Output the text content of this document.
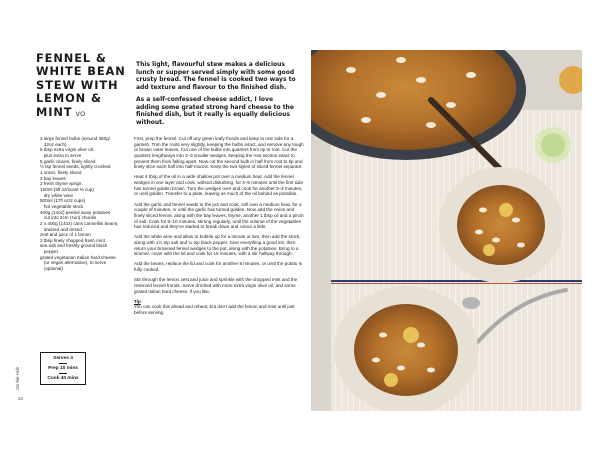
FENNEL & WHITE BEAN STEW WITH LEMON & MINT VO

This light, flavourful stew makes a delicious lunch or supper served simply with some good crusty bread. The fennel is cooked two ways to add texture and flavour to the finished dish.

As a self-confessed cheese addict, I love adding some grated strong hard cheese to the finished dish, but it really is equally delicious without.

2 large fennel bulbs (around 350g/
12oz each)
5 tbsp extra virgin olive oil,
plus extra to serve
5 garlic cloves, finely sliced
½ tsp fennel seeds, lightly crushed
1 onion, finely sliced
2 bay leaves
2 fresh thyme sprigs
150ml (5fl oz/scant ⅔ cup)
dry white wine
500ml (17fl oz/2 cups)
hot vegetable stock
400g (14oz) peeled waxy potatoes
cut into 2cm (¾in) chunks
2 x 400g (14oz) cans cannellini beans,
drained and rinsed
zest and juice of 1 lemon
2 tbsp finely chopped fresh mint
sea salt and freshly ground black
pepper
grated vegetarian Italian hard cheese
(or vegan alternative), to serve
(optional)

First, prep the fennel. Cut off any green leafy fronds and keep to one side for a garnish. Trim the roots very slightly, keeping the bulbs intact, and remove any tough or brown outer leaves. Cut one of the bulbs into quarters from tip to root. Cut the quarters lengthways into 2–3 smaller wedges, keeping the root section intact to prevent them from falling apart. Now cut the second bulb in half from root to tip and finely slice each half into half-moons. Keep the two styles of sliced fennel separate.

Heat 4 tbsp of the oil in a wide shallow pot over a medium heat. Add the fennel wedges in one layer and cook, without disturbing, for 4–5 minutes until the first side has turned golden brown. Turn the wedges over and cook for another 3–4 minutes, or until golden. Transfer to a plate, leaving as much of the oil behind as possible.

Add the garlic and fennel seeds to the pot and cook, still over a medium heat, for a couple of minutes, or until the garlic has turned golden. Now add the onion and finely sliced fennel, along with the bay leaves, thyme, another 1 tbsp oil and a pinch of salt. Cook for 8–10 minutes, stirring regularly, until the volume of the vegetables has reduced and they've started to break down and colour a little.

Add the white wine and allow to bubble up for a minute or two, then add the stock, along with 1½ tsp salt and ¼ tsp black pepper. Give everything a good stir, then return your browned fennel wedges to the pot, along with the potatoes. Bring to a simmer, cover with the lid and cook for 15 minutes, with a stir halfway through.

Add the beans, replace the lid and cook for another 8 minutes, or until the potato is fully cooked.

Stir through the lemon zest and juice and sprinkle with the chopped mint and the reserved fennel fronds. Serve drizzled with more extra virgin olive oil, and some grated Italian hard cheese, if you like.

Tip

You can cook this ahead and reheat, but don't add the lemon and mint until just before serving.

Serves 4
Prep 10 mins
Cook 40 mins
On the Hob
24
